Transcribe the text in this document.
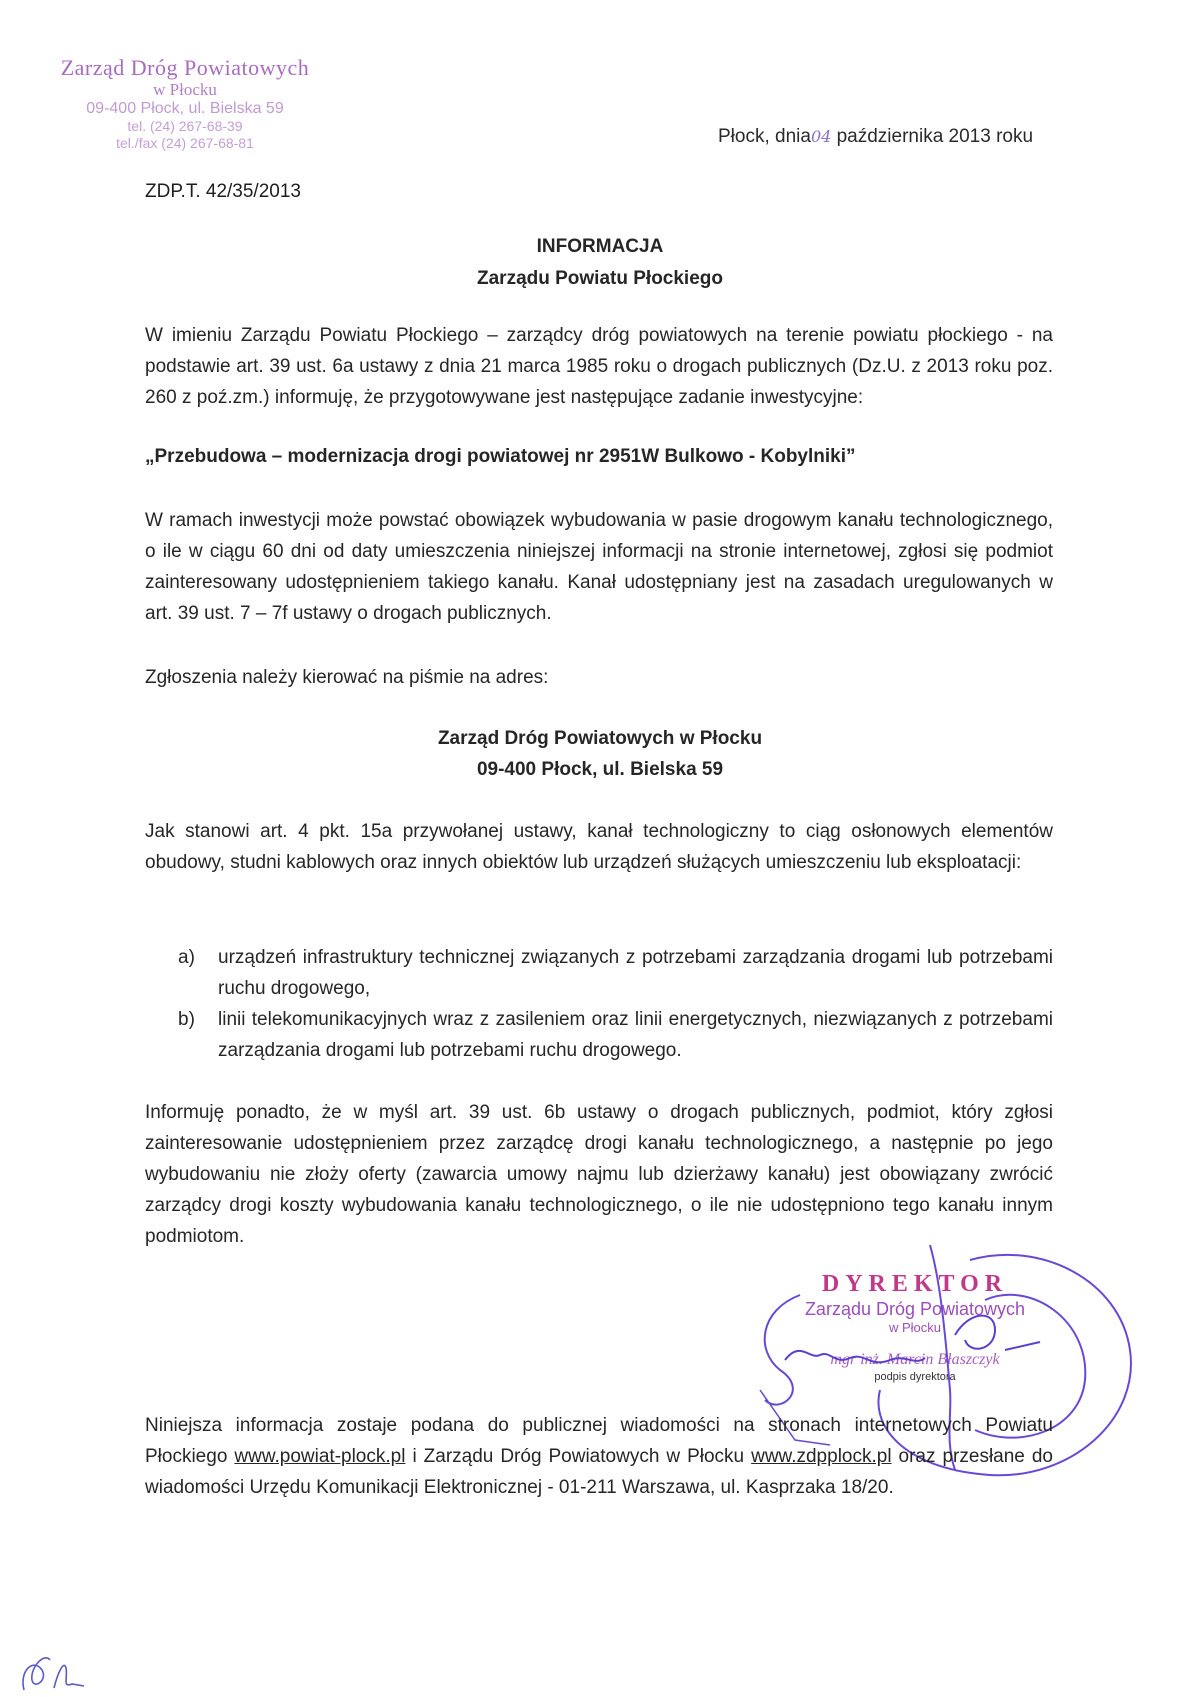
Zarząd Dróg Powiatowych
w Płocku
09-400 Płock, ul. Bielska 59
tel. (24) 267-68-39
tel./fax (24) 267-68-81	Płock, dnia04 października 2013 roku
ZDP.T. 42/35/2013
INFORMACJA
Zarządu Powiatu Płockiego
W imieniu Zarządu Powiatu Płockiego – zarządcy dróg powiatowych na terenie powiatu płockiego - na podstawie art. 39 ust. 6a ustawy z dnia 21 marca 1985 roku o drogach publicznych (Dz.U. z 2013 roku poz. 260 z poź.zm.) informuję, że przygotowywane jest następujące zadanie inwestycyjne:
„Przebudowa – modernizacja drogi powiatowej nr 2951W Bulkowo - Kobylniki”
W ramach inwestycji może powstać obowiązek wybudowania w pasie drogowym kanału technologicznego, o ile w ciągu 60 dni od daty umieszczenia niniejszej informacji na stronie internetowej, zgłosi się podmiot zainteresowany udostępnieniem takiego kanału. Kanał udostępniany jest na zasadach uregulowanych w art. 39 ust. 7 – 7f ustawy o drogach publicznych.
Zgłoszenia należy kierować na piśmie na adres:
Zarząd Dróg Powiatowych w Płocku
09-400 Płock, ul. Bielska 59
Jak stanowi art. 4 pkt. 15a przywołanej ustawy, kanał technologiczny to ciąg osłonowych elementów obudowy, studni kablowych oraz innych obiektów lub urządzeń służących umieszczeniu lub eksploatacji:
a) urządzeń infrastruktury technicznej związanych z potrzebami zarządzania drogami lub potrzebami ruchu drogowego,
b) linii telekomunikacyjnych wraz z zasileniem oraz linii energetycznych, niezwiązanych z potrzebami zarządzania drogami lub potrzebami ruchu drogowego.
Informuję ponadto, że w myśl art. 39 ust. 6b ustawy o drogach publicznych, podmiot, który zgłosi zainteresowanie udostępnieniem przez zarządcę drogi kanału technologicznego, a następnie po jego wybudowaniu nie złoży oferty (zawarcia umowy najmu lub dzierżawy kanału) jest obowiązany zwrócić zarządcy drogi koszty wybudowania kanału technologicznego, o ile nie udostępniono tego kanału innym podmiotom.
DYREKTOR
Zarządu Dróg Powiatowych
w Płocku
mgr inż. Marcin Błaszczyk
podpis dyrektora
Niniejsza informacja zostaje podana do publicznej wiadomości na stronach internetowych Powiatu Płockiego www.powiat-plock.pl i Zarządu Dróg Powiatowych w Płocku www.zdpplock.pl oraz przesłane do wiadomości Urzędu Komunikacji Elektronicznej - 01-211 Warszawa, ul. Kasprzaka 18/20.
